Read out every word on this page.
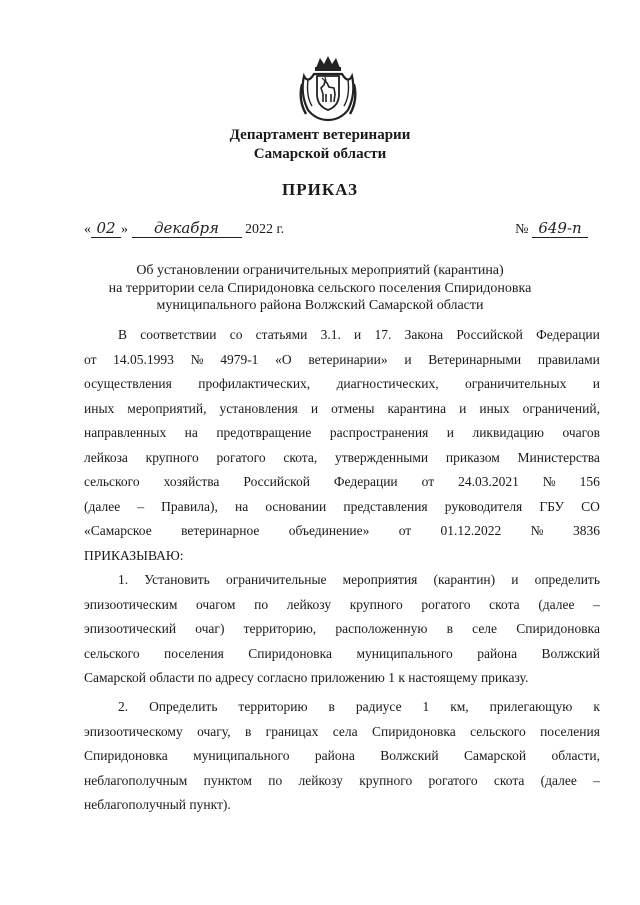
Департамент ветеринарии
Самарской области
ПРИКАЗ
« 02 » декабря 2022 г.	№ 649-п
Об установлении ограничительных мероприятий (карантина)
на территории села Спиридоновка сельского поселения Спиридоновка
муниципального района Волжский Самарской области
В соответствии со статьями 3.1. и 17. Закона Российской Федерации
от 14.05.1993 № 4979-1 «О ветеринарии» и Ветеринарными правилами
осуществления профилактических, диагностических, ограничительных и
иных мероприятий, установления и отмены карантина и иных ограничений,
направленных на предотвращение распространения и ликвидацию очагов
лейкоза крупного рогатого скота, утвержденными приказом Министерства
сельского хозяйства Российской Федерации от 24.03.2021 № 156
(далее – Правила), на основании представления руководителя ГБУ СО
«Самарское ветеринарное объединение» от 01.12.2022 № 3836
ПРИКАЗЫВАЮ:
1. Установить ограничительные мероприятия (карантин) и определить
эпизоотическим очагом по лейкозу крупного рогатого скота (далее –
эпизоотический очаг) территорию, расположенную в селе Спиридоновка
сельского поселения Спиридоновка муниципального района Волжский
Самарской области по адресу согласно приложению 1 к настоящему приказу.
2. Определить территорию в радиусе 1 км, прилегающую к
эпизоотическому очагу, в границах села Спиридоновка сельского поселения
Спиридоновка муниципального района Волжский Самарской области,
неблагополучным пунктом по лейкозу крупного рогатого скота (далее –
неблагополучный пункт).
